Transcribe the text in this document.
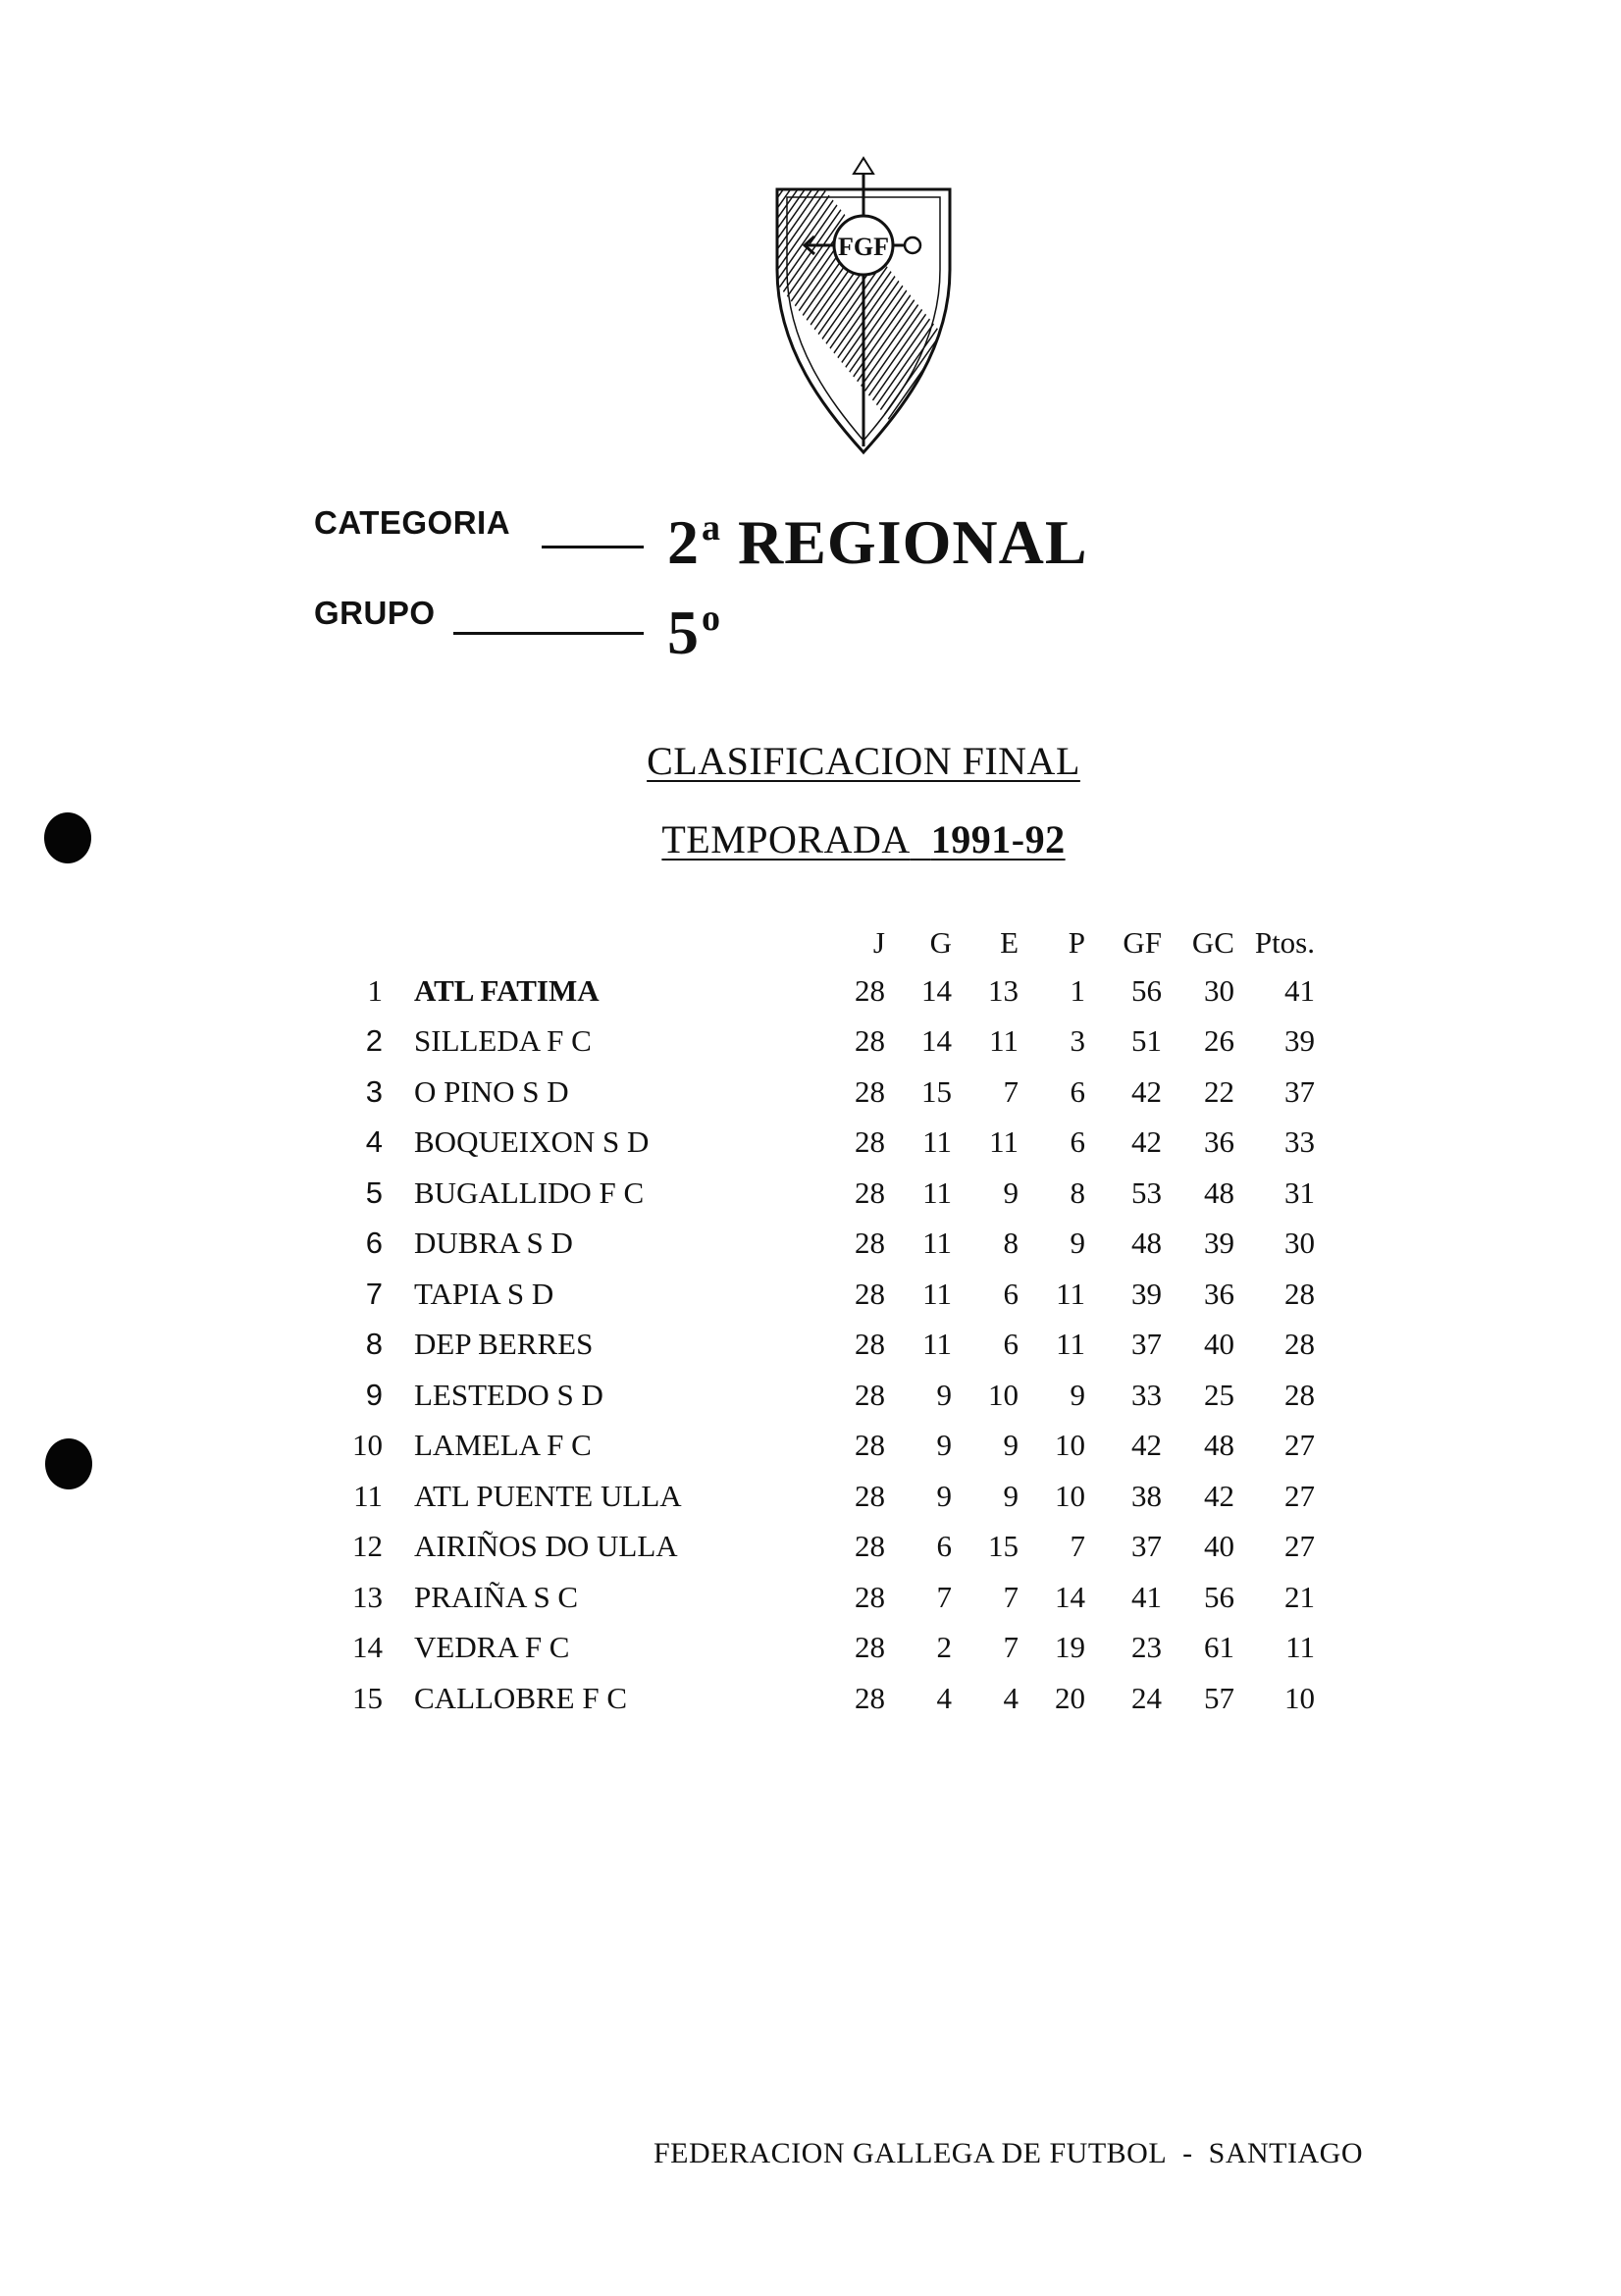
FGF
CATEGORIA 2$^a$ REGIONAL
GRUPO	5$^o$
CLASIFICACION FINAL
TEMPORADA 1991-92
		J	G	E	P	GF	GC	Ptos.
1	ATL FATIMA	28	14	13	1	56	30	41
2	SILLEDA F C	28	14	11	3	51	26	39
3	O PINO S D	28	15	7	6	42	22	37
4	BOQUEIXON S D	28	11	11	6	42	36	33
5	BUGALLIDO F C	28	11	9	8	53	48	31
6	DUBRA S D	28	11	8	9	48	39	30
7	TAPIA S D	28	11	6	11	39	36	28
8	DEP BERRES	28	11	6	11	37	40	28
9	LESTEDO S D	28	9	10	9	33	25	28
10	LAMELA F C	28	9	9	10	42	48	27
11	ATL PUENTE ULLA	28	9	9	10	38	42	27
12	AIRIÑOS DO ULLA	28	6	15	7	37	40	27
13	PRAIÑA S C	28	7	7	14	41	56	21
14	VEDRA F C	28	2	7	19	23	61	11
15	CALLOBRE F C	28	4	4	20	24	57	10
FEDERACION GALLEGA DE FUTBOL - SANTIAGO
